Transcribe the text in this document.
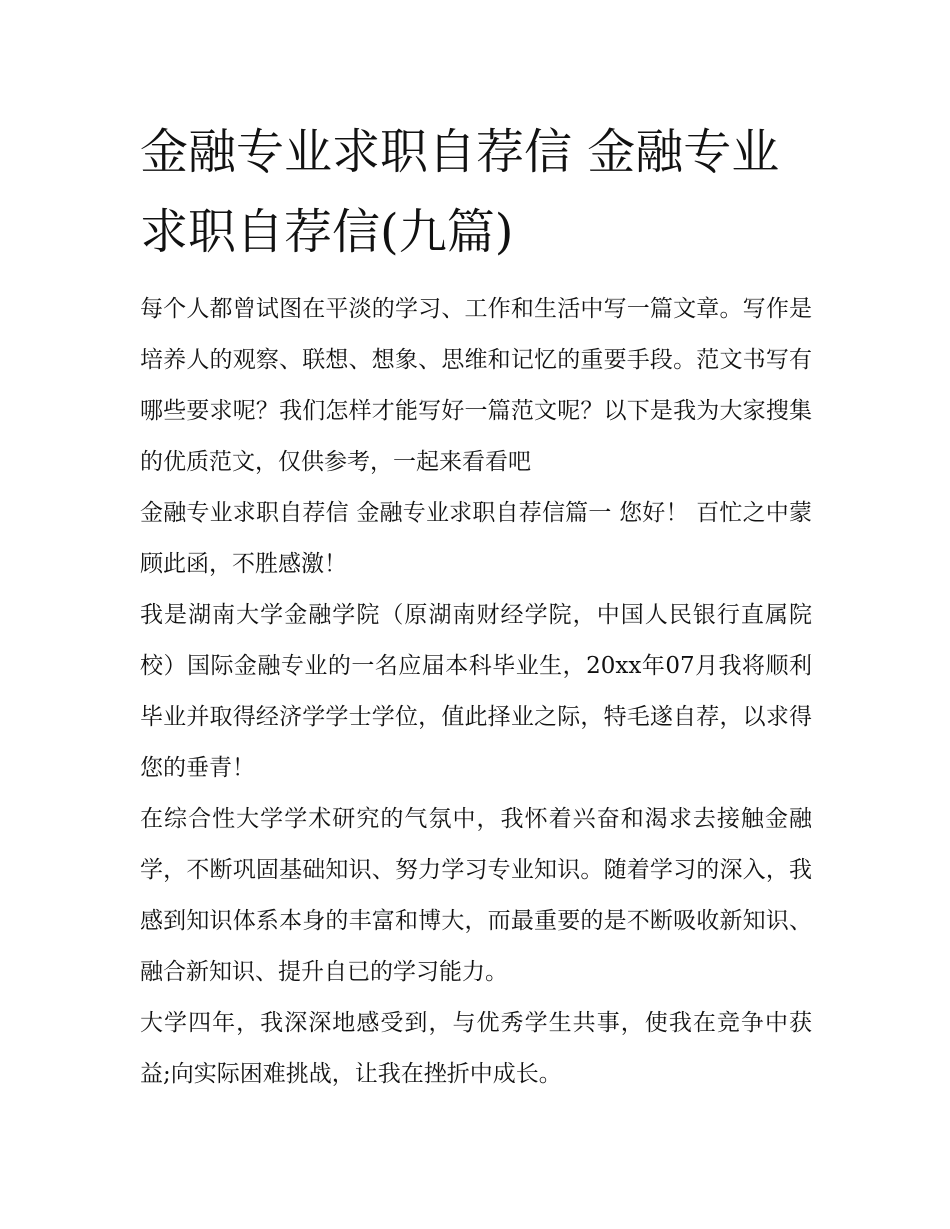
金融专业求职自荐信 金融专业求职自荐信(九篇)

每个人都曾试图在平淡的学习、工作和生活中写一篇文章。写作是培养人的观察、联想、想象、思维和记忆的重要手段。范文书写有哪些要求呢？我们怎样才能写好一篇范文呢？以下是我为大家搜集的优质范文，仅供参考，一起来看看吧

金融专业求职自荐信 金融专业求职自荐信篇一 您好！ 百忙之中蒙顾此函，不胜感激！

我是湖南大学金融学院（原湖南财经学院，中国人民银行直属院校）国际金融专业的一名应届本科毕业生，20xx年07月我将顺利毕业并取得经济学学士学位，值此择业之际，特毛遂自荐，以求得您的垂青！

在综合性大学学术研究的气氛中，我怀着兴奋和渴求去接触金融学，不断巩固基础知识、努力学习专业知识。随着学习的深入，我感到知识体系本身的丰富和博大，而最重要的是不断吸收新知识、融合新知识、提升自已的学习能力。

大学四年，我深深地感受到，与优秀学生共事，使我在竞争中获益;向实际困难挑战，让我在挫折中成长。
